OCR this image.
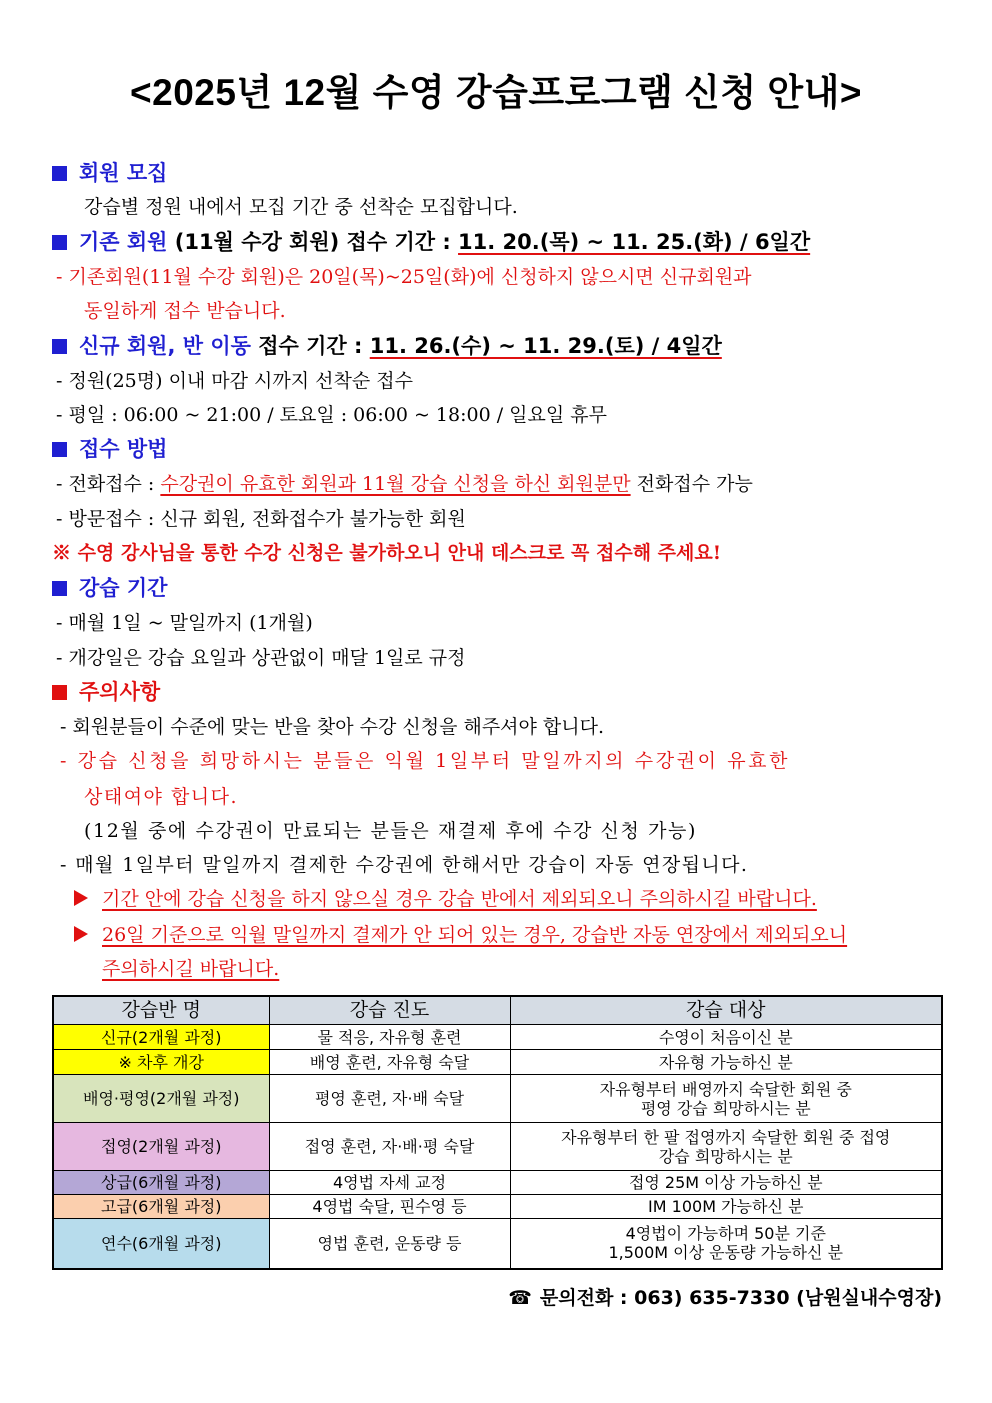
<2025년 12월 수영 강습프로그램 신청 안내>
회원 모집
강습별 정원 내에서 모집 기간 중 선착순 모집합니다.
기존 회원 (11월 수강 회원) 접수 기간 : 11. 20.(목) ~ 11. 25.(화) / 6일간
- 기존회원(11월 수강 회원)은 20일(목)~25일(화)에 신청하지 않으시면 신규회원과
동일하게 접수 받습니다.
신규 회원, 반 이동 접수 기간 : 11. 26.(수) ~ 11. 29.(토) / 4일간
- 정원(25명) 이내 마감 시까지 선착순 접수
- 평일 : 06:00 ~ 21:00 / 토요일 : 06:00 ~ 18:00 / 일요일 휴무
접수 방법
- 전화접수 : 수강권이 유효한 회원과 11월 강습 신청을 하신 회원분만 전화접수 가능
- 방문접수 : 신규 회원, 전화접수가 불가능한 회원
※ 수영 강사님을 통한 수강 신청은 불가하오니 안내 데스크로 꼭 접수해 주세요!
강습 기간
- 매월 1일 ~ 말일까지 (1개월)
- 개강일은 강습 요일과 상관없이 매달 1일로 규정
주의사항
- 회원분들이 수준에 맞는 반을 찾아 수강 신청을 해주셔야 합니다.
- 강습 신청을 희망하시는 분들은 익월 1일부터 말일까지의 수강권이 유효한
상태여야 합니다.
(12월 중에 수강권이 만료되는 분들은 재결제 후에 수강 신청 가능)
- 매월 1일부터 말일까지 결제한 수강권에 한해서만 강습이 자동 연장됩니다.
기간 안에 강습 신청을 하지 않으실 경우 강습 반에서 제외되오니 주의하시길 바랍니다.
26일 기준으로 익월 말일까지 결제가 안 되어 있는 경우, 강습반 자동 연장에서 제외되오니
주의하시길 바랍니다.
강습반 명	강습 진도	강습 대상
신규(2개월 과정)	물 적응, 자유형 훈련	수영이 처음이신 분
※ 차후 개강	배영 훈련, 자유형 숙달	자유형 가능하신 분
배영·평영(2개월 과정)	평영 훈련, 자·배 숙달	자유형부터 배영까지 숙달한 회원 중
평영 강습 희망하시는 분

접영(2개월 과정)	접영 훈련, 자·배·평 숙달	자유형부터 한 팔 접영까지 숙달한 회원 중 접영
강습 희망하시는 분

상급(6개월 과정)	4영법 자세 교정	접영 25M 이상 가능하신 분
고급(6개월 과정)	4영법 숙달, 핀수영 등	IM 100M 가능하신 분
연수(6개월 과정)	영법 훈련, 운동량 등	4영법이 가능하며 50분 기준
1,500M 이상 운동량 가능하신 분
☎ 문의전화 : 063) 635-7330 (남원실내수영장)
